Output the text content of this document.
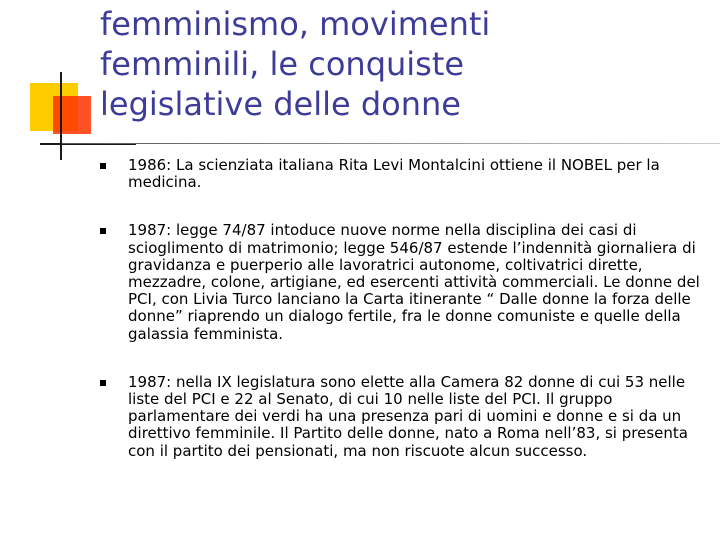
femminismo, movimenti
femminili, le conquiste
legislative delle donne
1986: La scienziata italiana Rita Levi Montalcini ottiene il NOBEL per la medicina.
1987: legge 74/87 intoduce nuove norme nella disciplina dei casi di scioglimento di matrimonio; legge 546/87 estende l’indennità giornaliera di gravidanza e puerperio alle lavoratrici autonome, coltivatrici dirette, mezzadre, colone, artigiane, ed esercenti attività commerciali. Le donne del PCI, con Livia Turco lanciano la Carta itinerante “ Dalle donne la forza delle donne” riaprendo un dialogo fertile, fra le donne comuniste e quelle della galassia femminista.
1987: nella IX legislatura sono elette alla Camera 82 donne di cui 53 nelle liste del PCI e 22 al Senato, di cui 10 nelle liste del PCI. Il gruppo parlamentare dei verdi ha una presenza pari di uomini e donne e si da un direttivo femminile. Il Partito delle donne, nato a Roma nell’83, si presenta con il partito dei pensionati, ma non riscuote alcun successo.
